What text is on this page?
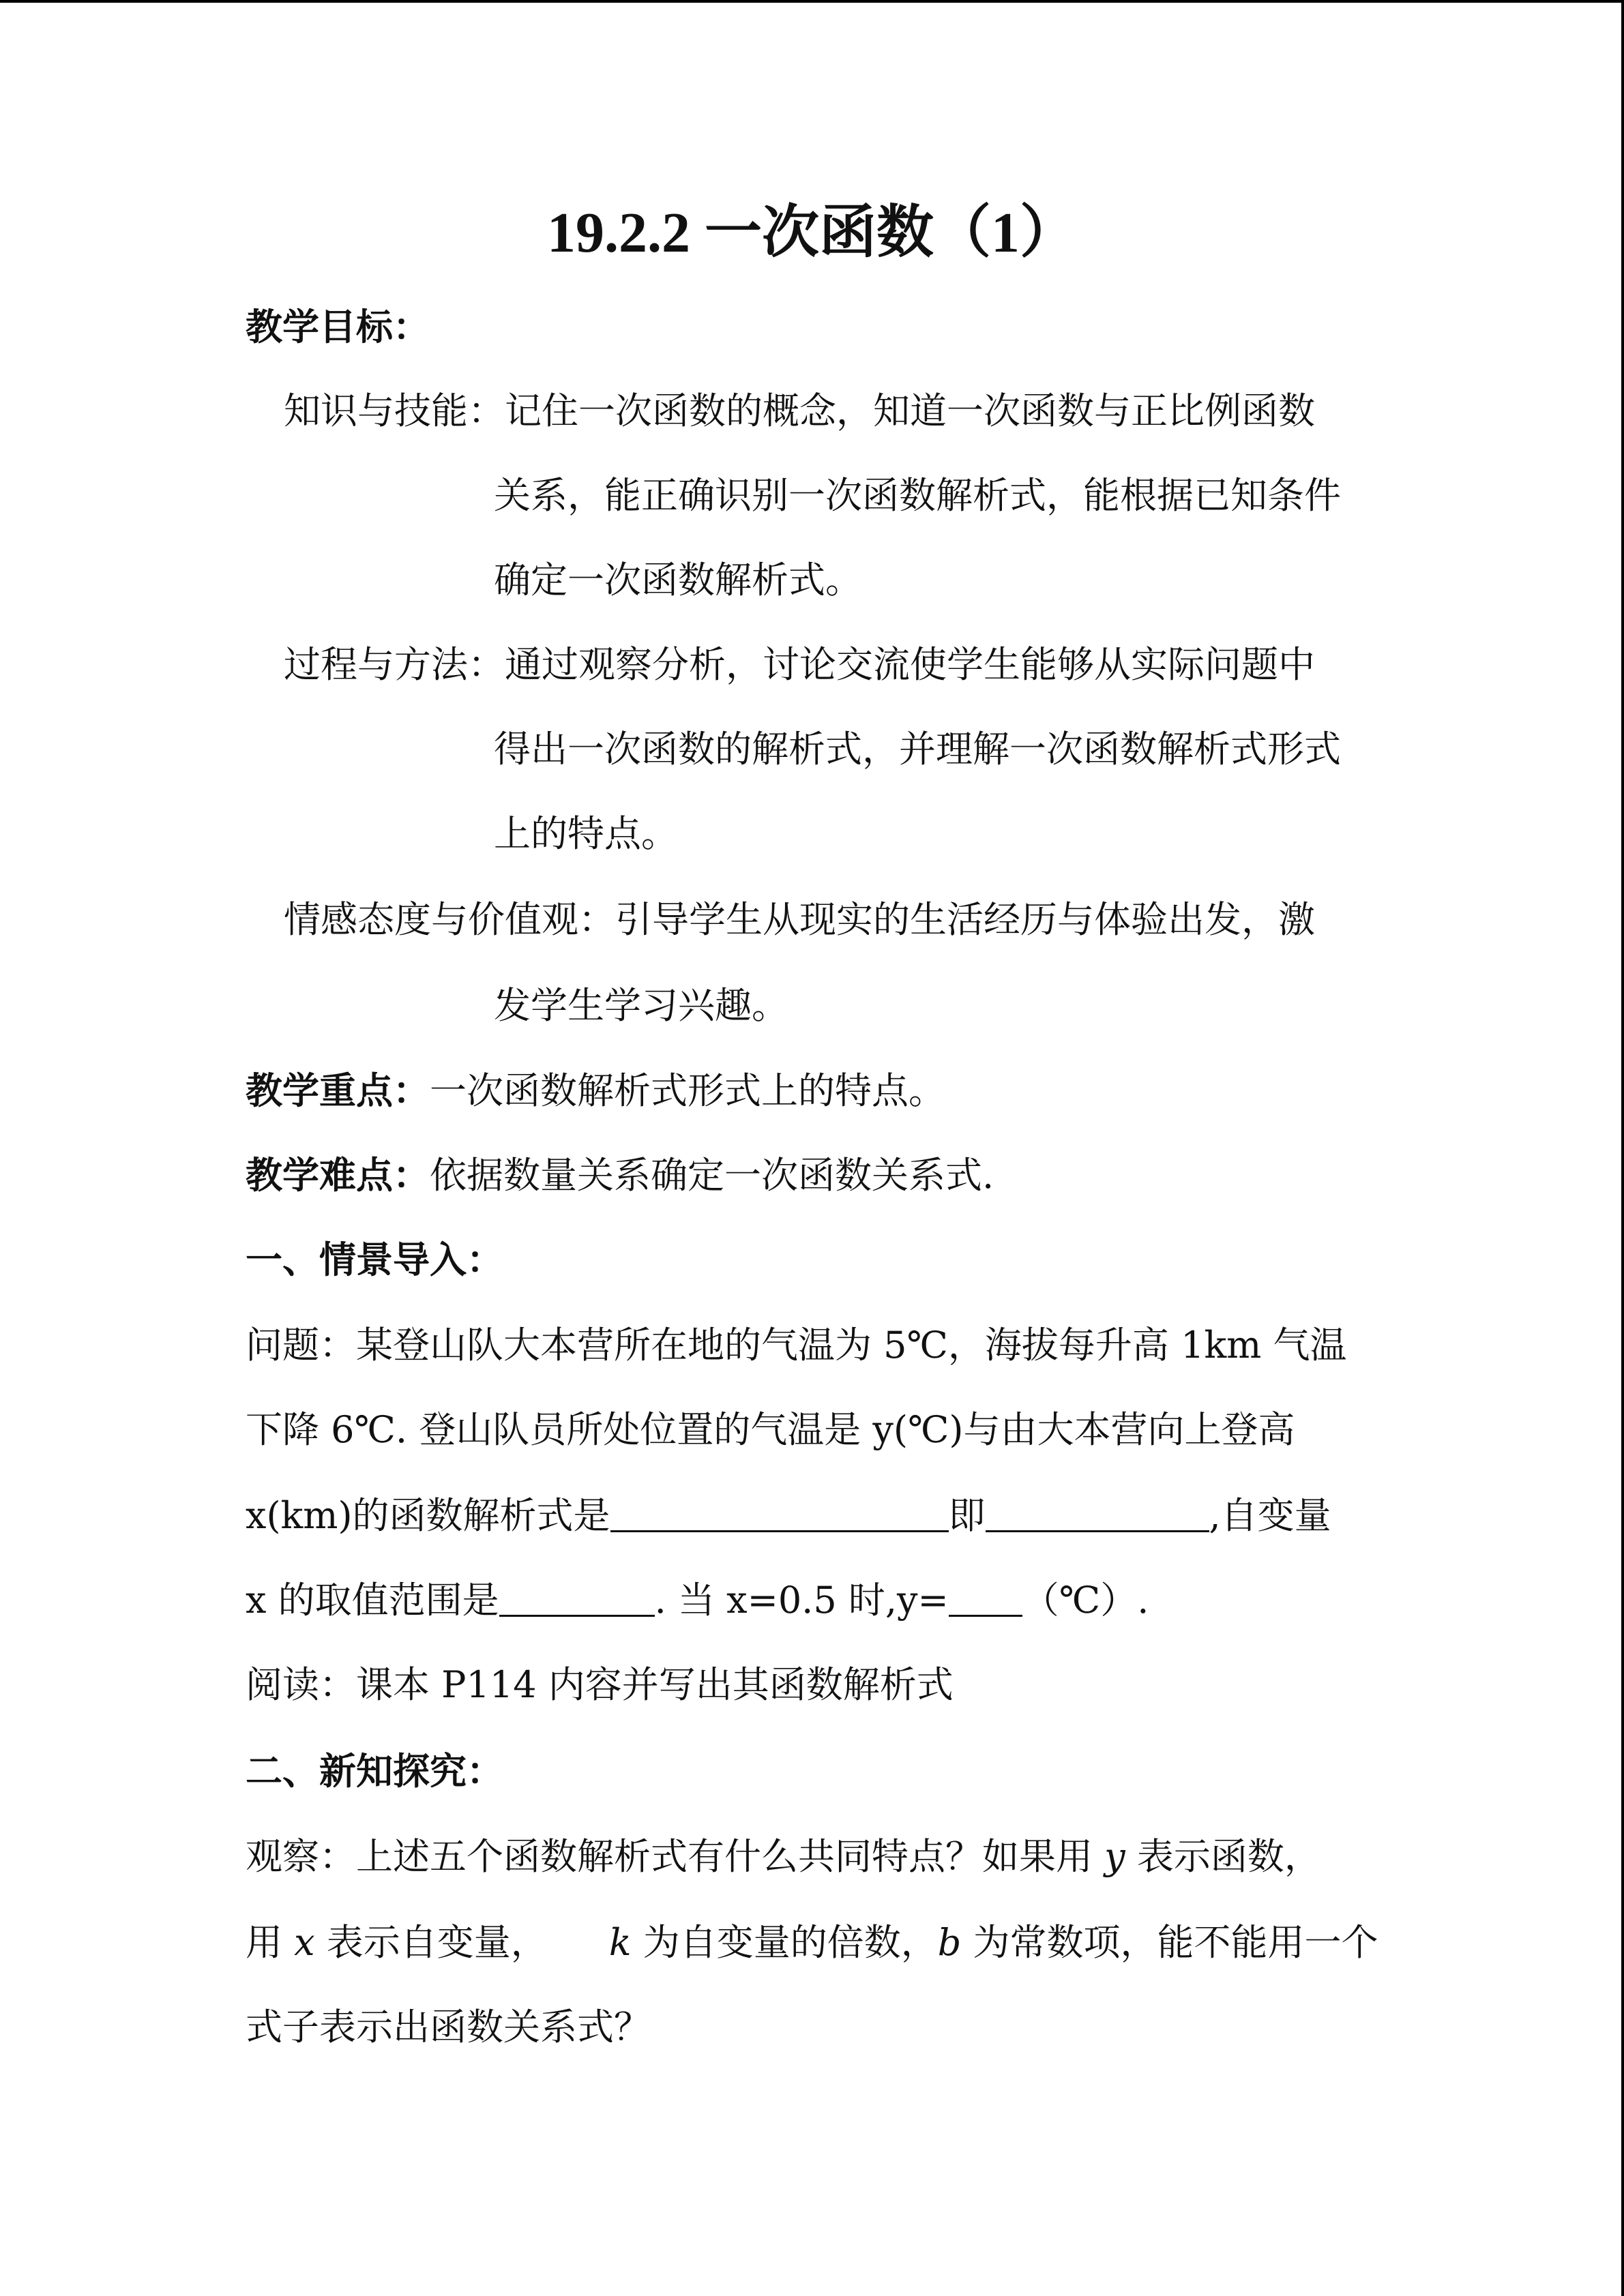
19.2.2 一次函数（1）
教学目标：
知识与技能：记住一次函数的概念，知道一次函数与正比例函数
关系，能正确识别一次函数解析式，能根据已知条件
确定一次函数解析式。
过程与方法：通过观察分析，讨论交流使学生能够从实际问题中
得出一次函数的解析式，并理解一次函数解析式形式
上的特点。
情感态度与价值观：引导学生从现实的生活经历与体验出发，激
发学生学习兴趣。
教学重点：一次函数解析式形式上的特点。
教学难点：依据数量关系确定一次函数关系式.
一、情景导入：
问题：某登山队大本营所在地的气温为 5℃，海拔每升高 1km 气温
下降 6℃. 登山队员所处位置的气温是 y(℃)与由大本营向上登高
x(km)的函数解析式是	即	,自变量
x 的取值范围是	. 当 x=0.5 时,y= （℃）.
阅读：课本 P114 内容并写出其函数解析式
二、新知探究：
观察：上述五个函数解析式有什么共同特点？如果用 y 表示函数，
用 x 表示自变量， k 为自变量的倍数，b 为常数项，能不能用一个
式子表示出函数关系式？
